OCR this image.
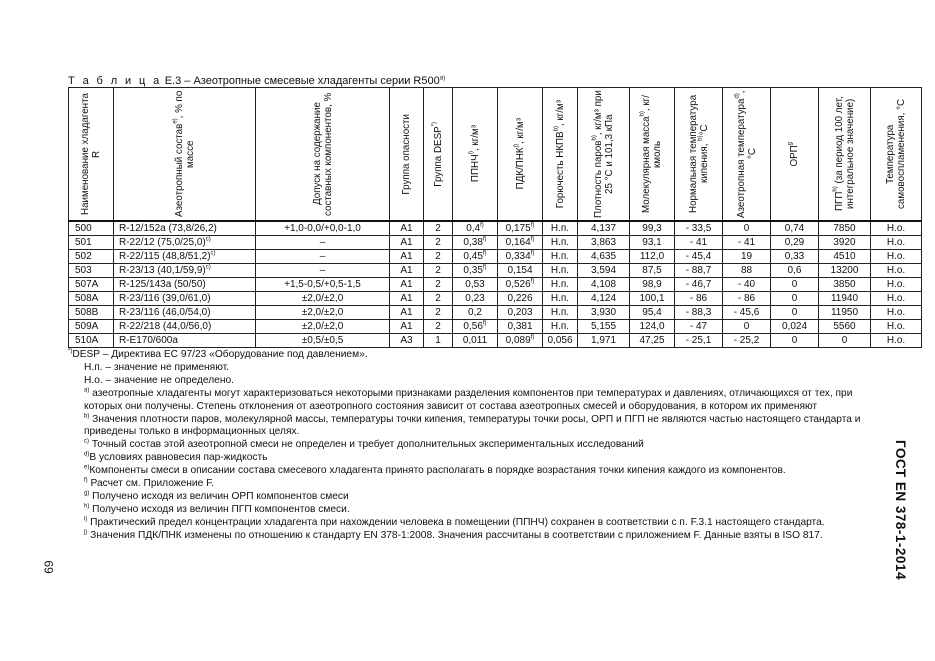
Т а б л и ц а Е.3 – Азеотропные смесевые хладагенты серии $R500^{а)}$
Наименование хладагента R	Азеотропный состав$^{е)}$, % по массе	Допуск на содержание составных компонентов, %	Группа опасности	Группа DESP*)	ППНЧ$^{i)}$, кг/м³	ПДК/ПНК$^{j)}$, кг/м³	Горючесть НКПВ$^{b)}$, кг/м³	Плотность паров$^{b)}$, кг/м³ при 25 °С и 101,3 кПа	Молекулярная масса$^{b)}$, кг/кмоль	Нормальная температура кипения, $^{b)}$°С	Азеотропная температура$^{d)}$, °С	ОРП$^g$	ПГП$^{h)}$ (за период 100 лет, интегральное значение)	Температура самовоспламенения, °С

500	R-12/152a (73,8/26,2)	+1,0-0,0/+0,0-1,0	A1	2	0,4$^{f)}$	0,175$^{f)}$	Н.п.	4,137	99,3	- 33,5	0	0,74	7850	Н.о.
501	R-22/12 $(75,0/25,0)^{c)}$	–	A1	2	0,38$^{f)}$	0,164$^{f)}$	Н.п.	3,863	93,1	- 41	- 41	0,29	3920	Н.о.
502	R-22/115 $(48,8/51,2)^{c)}$	–	A1	2	0,45$^{f)}$	0,334$^{f)}$	Н.п.	4,635	112,0	- 45,4	19	0,33	4510	Н.о.
503	R-23/13 $(40,1/59,9)^{c)}$	–	A1	2	0,35$^{f)}$	0,154	Н.п.	3,594	87,5	- 88,7	88	0,6	13200	Н.о.
507A	R-125/143a (50/50)	+1,5-0,5/+0,5-1,5	A1	2	0,53	0,526$^{f)}$	Н.п.	4,108	98,9	- 46,7	- 40	0	3850	Н.о.
508A	R-23/116 (39,0/61,0)	±2,0/±2,0	A1	2	0,23	0,226	Н.п.	4,124	100,1	- 86	- 86	0	11940	Н.о.
508B	R-23/116 (46,0/54,0)	±2,0/±2,0	A1	2	0,2	0,203	Н.п.	3,930	95,4	- 88,3	- 45,6	0	11950	Н.о.
509A	R-22/218 (44,0/56,0)	±2,0/±2,0	A1	2	0,56$^{f)}$	0,381	Н.п.	5,155	124,0	- 47	0	0,024	5560	Н.о.
510A	R-E170/600a	±0,5/±0,5	A3	1	0,011	0,089$^{f)}$	0,056	1,971	47,25	- 25,1	- 25,2	0	0	Н.о.

*)DESP – Директива ЕС 97/23 «Оборудование под давлением».

Н.п. – значение не применяют.

Н.о. – значение не определено.

$^{a)}$ азеотропные хладагенты могут характеризоваться некоторыми признаками разделения компонентов при температурах и давлениях, отличающихся от тех, при которых они получены. Степень отклонения от азеотропного состояния зависит от состава азеотропных смесей и оборудования, в котором их применяют

$^{b)}$ Значения плотности паров, молекулярной массы, температуры точки кипения, температуры точки росы, ОРП и ПГП не являются частью настоящего стандарта и приведены только в информационных целях.

$^{c)}$ Точный состав этой азеотропной смеси не определен и требует дополнительных экспериментальных исследований

$^{d)}$В условиях равновесия пар-жидкость

$^{e)}$Компоненты смеси в описании состава смесевого хладагента принято располагать в порядке возрастания точки кипения каждого из компонентов.

$^{f)}$ Расчет см. Приложение F.

$^{g)}$ Получено исходя из величин ОРП компонентов смеси

$^{h)}$ Получено исходя из величин ПГП компонентов смеси.

$^{i)}$ Практический предел концентрации хладагента при нахождении человека в помещении (ППНЧ) сохранен в соответствии с п. F.3.1 настоящего стандарта.

$^{j)}$ Значения ПДК/ПНК изменены по отношению к стандарту EN 378-1:2008. Значения рассчитаны в соответствии с приложением F. Данные взяты в ISO 817.

69	ГОСТ EN 378-1-2014
